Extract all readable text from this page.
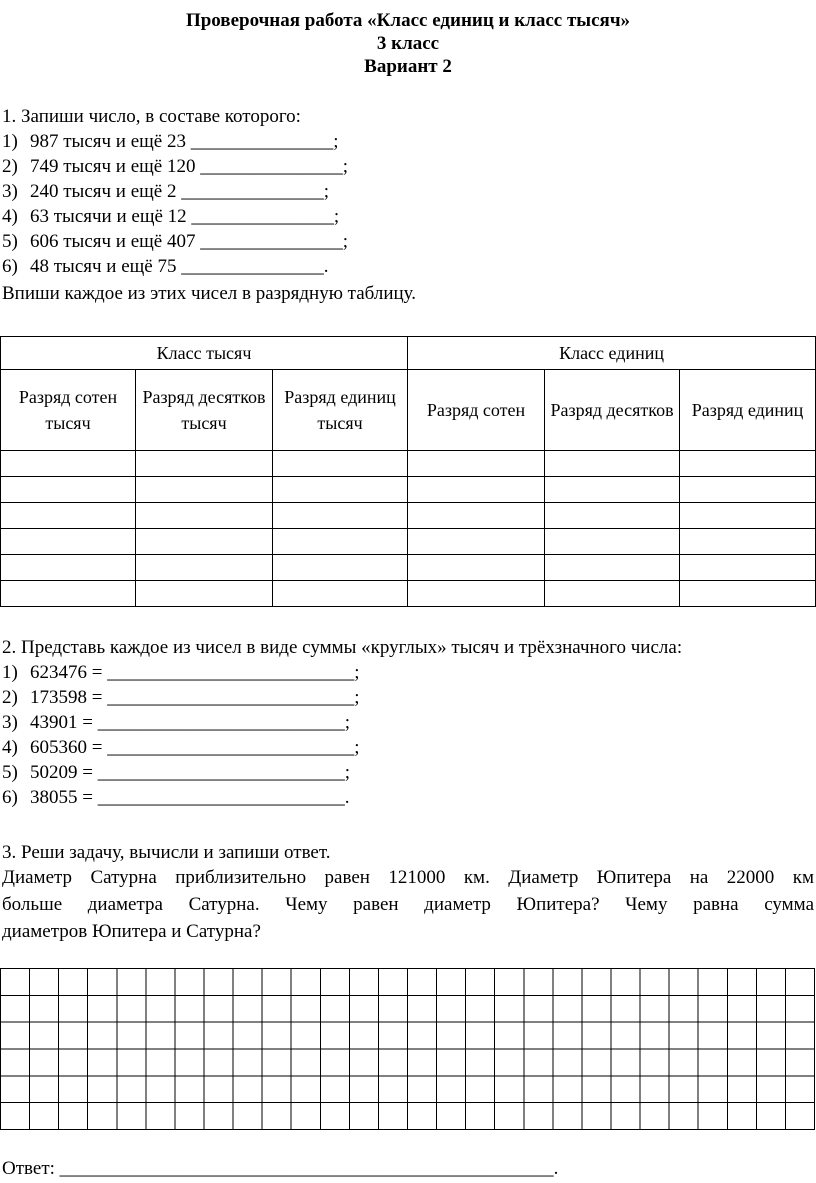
Проверочная работа «Класс единиц и класс тысяч»
3 класс
Вариант 2
1. Запиши число, в составе которого:
1) 987 тысяч и ещё 23 _______________;
2) 749 тысяч и ещё 120 _______________;
3) 240 тысяч и ещё 2 _______________;
4) 63 тысячи и ещё 12 _______________;
5) 606 тысяч и ещё 407 _______________;
6) 48 тысяч и ещё 75 _______________.
Впиши каждое из этих чисел в разрядную таблицу.
Класс тысяч			Класс единиц		
Разряд сотен тысяч	Разряд десятков тысяч	Разряд единиц тысяч	Разряд сотен	Разряд десятков	Разряд единиц

2. Представь каждое из чисел в виде суммы «круглых» тысяч и трёхзначного числа:
1) 623476 = __________________________;
2) 173598 = __________________________;
3) 43901 = __________________________;
4) 605360 = __________________________;
5) 50209 = __________________________;
6) 38055 = __________________________.
3. Реши задачу, вычисли и запиши ответ.
Диаметр Сатурна приблизительно равен 121000 км. Диаметр Юпитера на 22000 км
больше диаметра Сатурна. Чему равен диаметр Юпитера? Чему равна сумма
диаметров Юпитера и Сатурна?
Ответ: ____________________________________________________.
